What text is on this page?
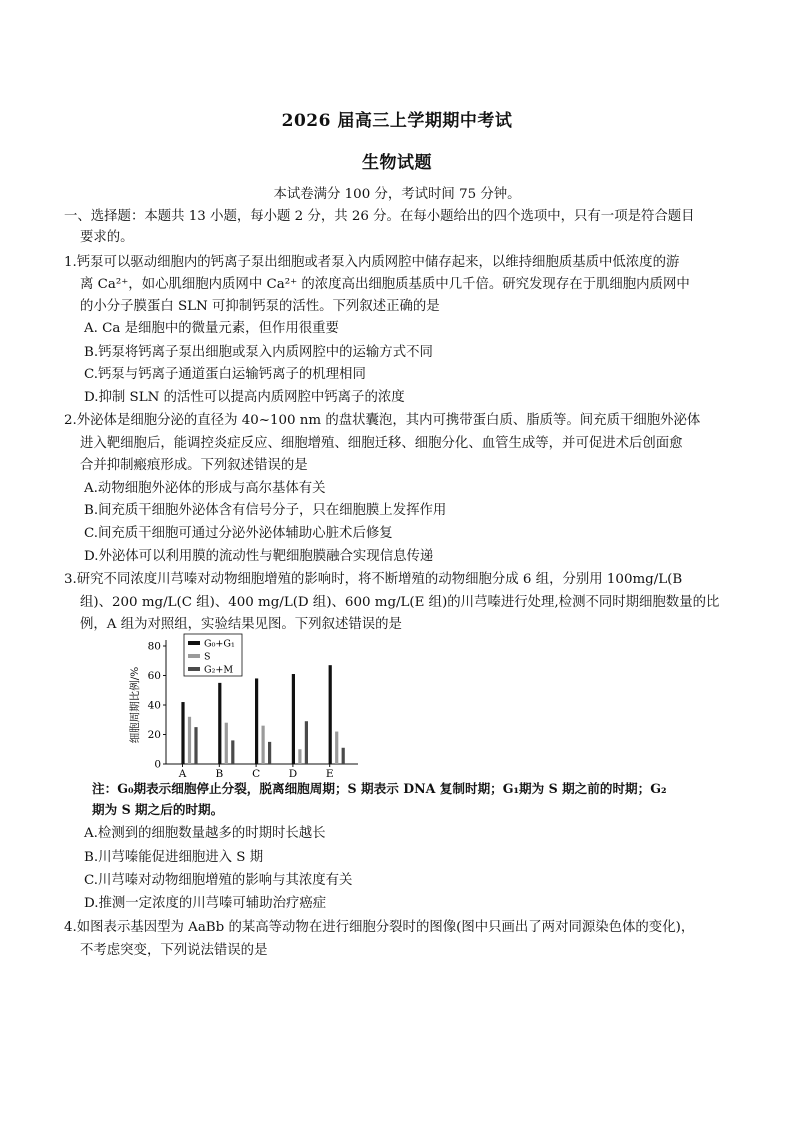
2026 届高三上学期期中考试
生物试题
本试卷满分 100 分，考试时间 75 分钟。
一、选择题：本题共 13 小题，每小题 2 分，共 26 分。在每小题给出的四个选项中，只有一项是符合题目
要求的。
1.钙泵可以驱动细胞内的钙离子泵出细胞或者泵入内质网腔中储存起来，以维持细胞质基质中低浓度的游
离 Ca²⁺，如心肌细胞内质网中 Ca²⁺ 的浓度高出细胞质基质中几千倍。研究发现存在于肌细胞内质网中
的小分子膜蛋白 SLN 可抑制钙泵的活性。下列叙述正确的是
A. Ca 是细胞中的微量元素，但作用很重要
B.钙泵将钙离子泵出细胞或泵入内质网腔中的运输方式不同
C.钙泵与钙离子通道蛋白运输钙离子的机理相同
D.抑制 SLN 的活性可以提高内质网腔中钙离子的浓度
2.外泌体是细胞分泌的直径为 40~100 nm 的盘状囊泡，其内可携带蛋白质、脂质等。间充质干细胞外泌体
进入靶细胞后，能调控炎症反应、细胞增殖、细胞迁移、细胞分化、血管生成等，并可促进术后创面愈
合并抑制瘢痕形成。下列叙述错误的是
A.动物细胞外泌体的形成与高尔基体有关
B.间充质干细胞外泌体含有信号分子，只在细胞膜上发挥作用
C.间充质干细胞可通过分泌外泌体辅助心脏术后修复
D.外泌体可以利用膜的流动性与靶细胞膜融合实现信息传递
3.研究不同浓度川芎嗪对动物细胞增殖的影响时，将不断增殖的动物细胞分成 6 组，分别用 100mg/L(B
组)、200 mg/L(C 组)、400 mg/L(D 组)、600 mg/L(E 组)的川芎嗪进行处理,检测不同时期细胞数量的比
例，A 组为对照组，实验结果见图。下列叙述错误的是
细胞周期比例/%
0
20
40
60
80
A	B	C	D	E
G₀+G₁
S
G₂+M
注：G₀期表示细胞停止分裂，脱离细胞周期；S 期表示 DNA 复制时期；G₁期为 S 期之前的时期；G₂
期为 S 期之后的时期。
A.检测到的细胞数量越多的时期时长越长
B.川芎嗪能促进细胞进入 S 期
C.川芎嗪对动物细胞增殖的影响与其浓度有关
D.推测一定浓度的川芎嗪可辅助治疗癌症
4.如图表示基因型为 AaBb 的某高等动物在进行细胞分裂时的图像(图中只画出了两对同源染色体的变化)，
不考虑突变，下列说法错误的是
